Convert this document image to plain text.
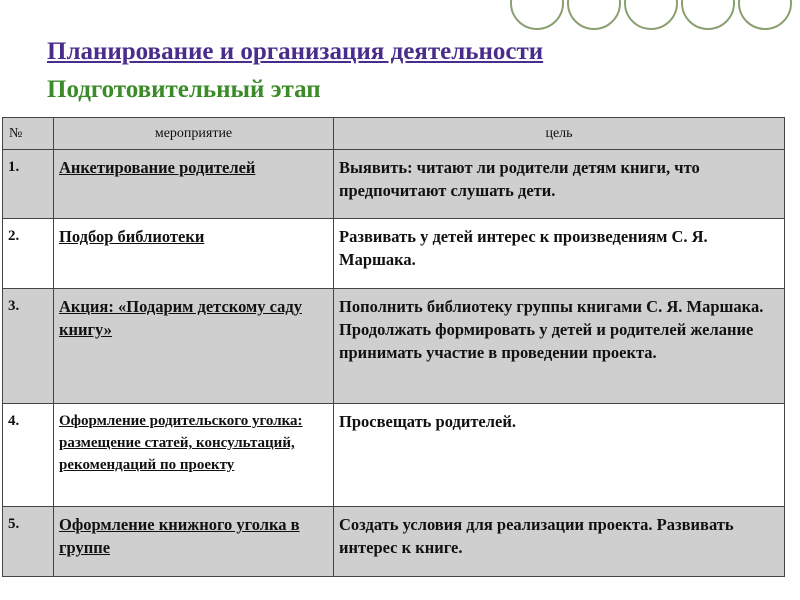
Планирование и организация деятельности
Подготовительный этап
№	мероприятие	цель
1.	Анкетирование родителей	Выявить: читают ли родители детям книги, что предпочитают слушать дети.
2.	Подбор библиотеки	Развивать у детей интерес к произведениям С. Я. Маршака.
3.	Акция: «Подарим детскому саду книгу»	Пополнить библиотеку группы книгами С. Я. Маршака. Продолжать формировать у детей и родителей желание принимать участие в проведении проекта.
4.	Оформление родительского уголка: размещение статей, консультаций, рекомендаций по проекту	Просвещать родителей.
5.	Оформление книжного уголка в группе	Создать условия для реализации проекта. Развивать интерес к книге.
